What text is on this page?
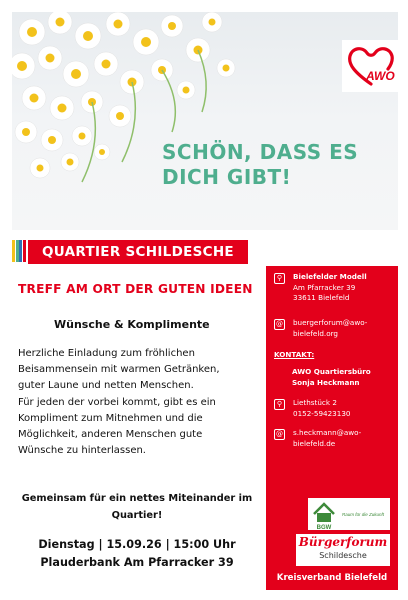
AWO
SCHÖN, DASS ES
DICH GIBT!
QUARTIER SCHILDESCHE
TREFF AM ORT DER GUTEN IDEEN
Wünsche & Komplimente

Herzliche Einladung zum fröhlichen

Beisammensein mit warmen Getränken,

guter Laune und netten Menschen.

Für jeden der vorbei kommt, gibt es ein

Kompliment zum Mitnehmen und die

Möglichkeit, anderen Menschen gute

Wünsche zu hinterlassen.

Gemeinsam für ein nettes Miteinander im
Quartier!
Dienstag | 15.09.26 | 15:00 Uhr
Plauderbank Am Pfarracker 39
⚲	Bielefelder Modell
Am Pfarracker 39
33611 Bielefeld
@ buergerforum@awo-
bielefeld.org
KONTAKT:
AWO Quartiersbüro
Sonja Heckmann
⚲	Liethstück 2
0152-59423130
@ s.heckmann@awo-
bielefeld.de
BGW
Raum für die Zukunft
Bürgerforum
Schildesche
Kreisverband Bielefeld
